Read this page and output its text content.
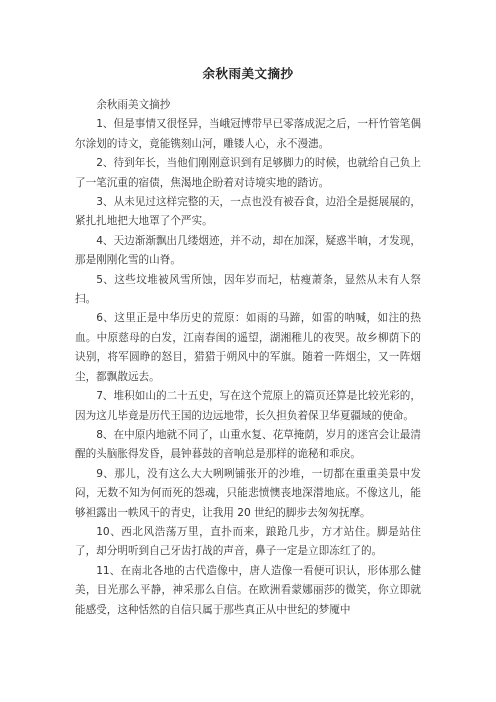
余秋雨美文摘抄

余秋雨美文摘抄

1、但是事情又很怪异，当峨冠博带早已零落成泥之后，一杆竹管笔偶尔涂划的诗文，竟能镌刻山河，雕镂人心，永不漫漶。

2、待到年长，当他们刚刚意识到有足够脚力的时候，也就给自己负上了一笔沉重的宿债，焦渴地企盼着对诗境实地的踏访。

3、从未见过这样完整的天，一点也没有被吞食，边沿全是挺展展的，紧扎扎地把大地罩了个严实。

4、天边渐渐飘出几缕烟迹，并不动，却在加深，疑惑半晌，才发现，那是刚刚化雪的山脊。

5、这些坟堆被风雪所蚀，因年岁而圮，枯瘦萧条，显然从未有人祭扫。

6、这里正是中华历史的荒原：如雨的马蹄，如雷的呐喊，如注的热血。中原慈母的白发，江南春闺的遥望，湖湘稚儿的夜哭。故乡柳荫下的诀别，将军圆睁的怒目，猎猎于朔风中的军旗。随着一阵烟尘，又一阵烟尘，都飘散远去。

7、堆积如山的二十五史，写在这个荒原上的篇页还算是比较光彩的，因为这儿毕竟是历代王国的边远地带，长久担负着保卫华夏疆域的使命。

8、在中原内地就不同了，山重水复、花草掩荫，岁月的迷宫会让最清醒的头脑胀得发昏，晨钟暮鼓的音响总是那样的诡秘和乖戾。

9、那儿，没有这么大大咧咧铺张开的沙堆，一切都在重重美景中发闷，无数不知为何而死的怨魂，只能悲愤懊丧地深潜地底。不像这儿，能够袒露出一帙风干的青史，让我用 20 世纪的脚步去匆匆抚摩。

10、西北风浩荡万里，直扑而来，踉跄几步，方才站住。脚是站住了，却分明听到自己牙齿打战的声音，鼻子一定是立即冻红了的。

11、在南北各地的古代造像中，唐人造像一看便可识认，形体那么健美，目光那么平静，神采那么自信。在欧洲看蒙娜丽莎的微笑，你立即就能感受，这种恬然的自信只属于那些真正从中世纪的梦魇中
